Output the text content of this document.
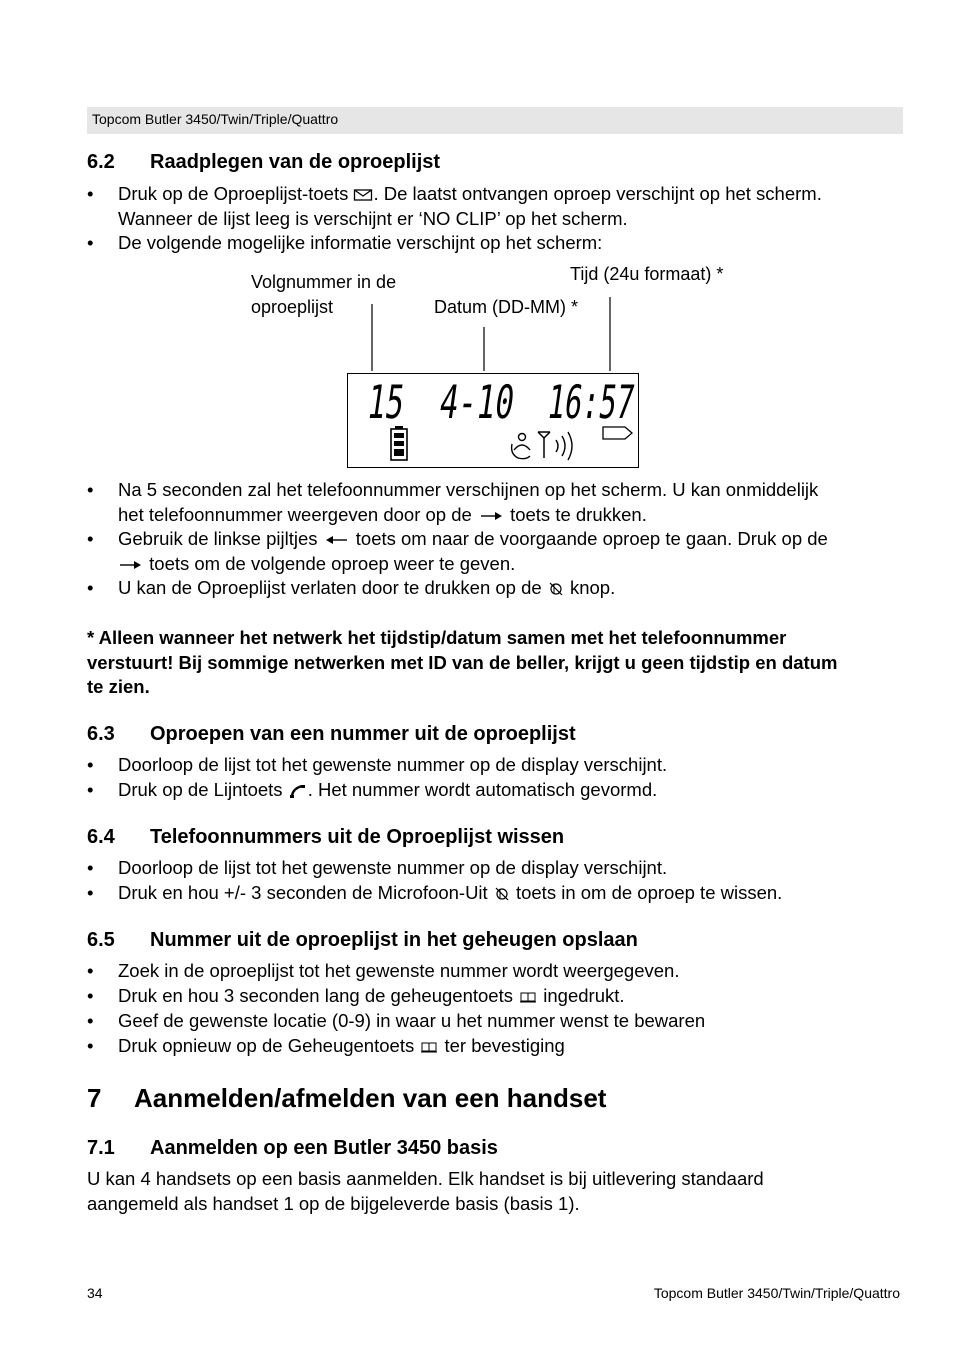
Topcom Butler 3450/Twin/Triple/Quattro
6.2 Raadplegen van de oproeplijst
• Druk op de Oproeplijst-toets . De laatst ontvangen oproep verschijnt op het scherm.
Wanneer de lijst leeg is verschijnt er ‘NO CLIP’ op het scherm.
• De volgende mogelijke informatie verschijnt op het scherm:
Volgnummer in de
oproeplijst	Datum (DD-MM) *
Tijd (24u formaat) *
15 4-10
16:57
• Na 5 seconden zal het telefoonnummer verschijnen op het scherm. U kan onmiddelijk
het telefoonnummer weergeven door op de toets te drukken.
• Gebruik de linkse pijltjes toets om naar de voorgaande oproep te gaan. Druk op de
toets om de volgende oproep weer te geven.
• U kan de Oproeplijst verlaten door te drukken op de knop.
* Alleen wanneer het netwerk het tijdstip/datum samen met het telefoonnummer
verstuurt! Bij sommige netwerken met ID van de beller, krijgt u geen tijdstip en datum
te zien.
6.3 Oproepen van een nummer uit de oproeplijst
• Doorloop de lijst tot het gewenste nummer op de display verschijnt.
• Druk op de Lijntoets . Het nummer wordt automatisch gevormd.
6.4 Telefoonnummers uit de Oproeplijst wissen
• Doorloop de lijst tot het gewenste nummer op de display verschijnt.
• Druk en hou +/- 3 seconden de Microfoon-Uit toets in om de oproep te wissen.
6.5 Nummer uit de oproeplijst in het geheugen opslaan
• Zoek in de oproeplijst tot het gewenste nummer wordt weergegeven.
• Druk en hou 3 seconden lang de geheugentoets ingedrukt.
• Geef de gewenste locatie (0-9) in waar u het nummer wenst te bewaren
• Druk opnieuw op de Geheugentoets ter bevestiging
7 Aanmelden/afmelden van een handset
7.1 Aanmelden op een Butler 3450 basis
U kan 4 handsets op een basis aanmelden. Elk handset is bij uitlevering standaard
aangemeld als handset 1 op de bijgeleverde basis (basis 1).
34	Topcom Butler 3450/Twin/Triple/Quattro
